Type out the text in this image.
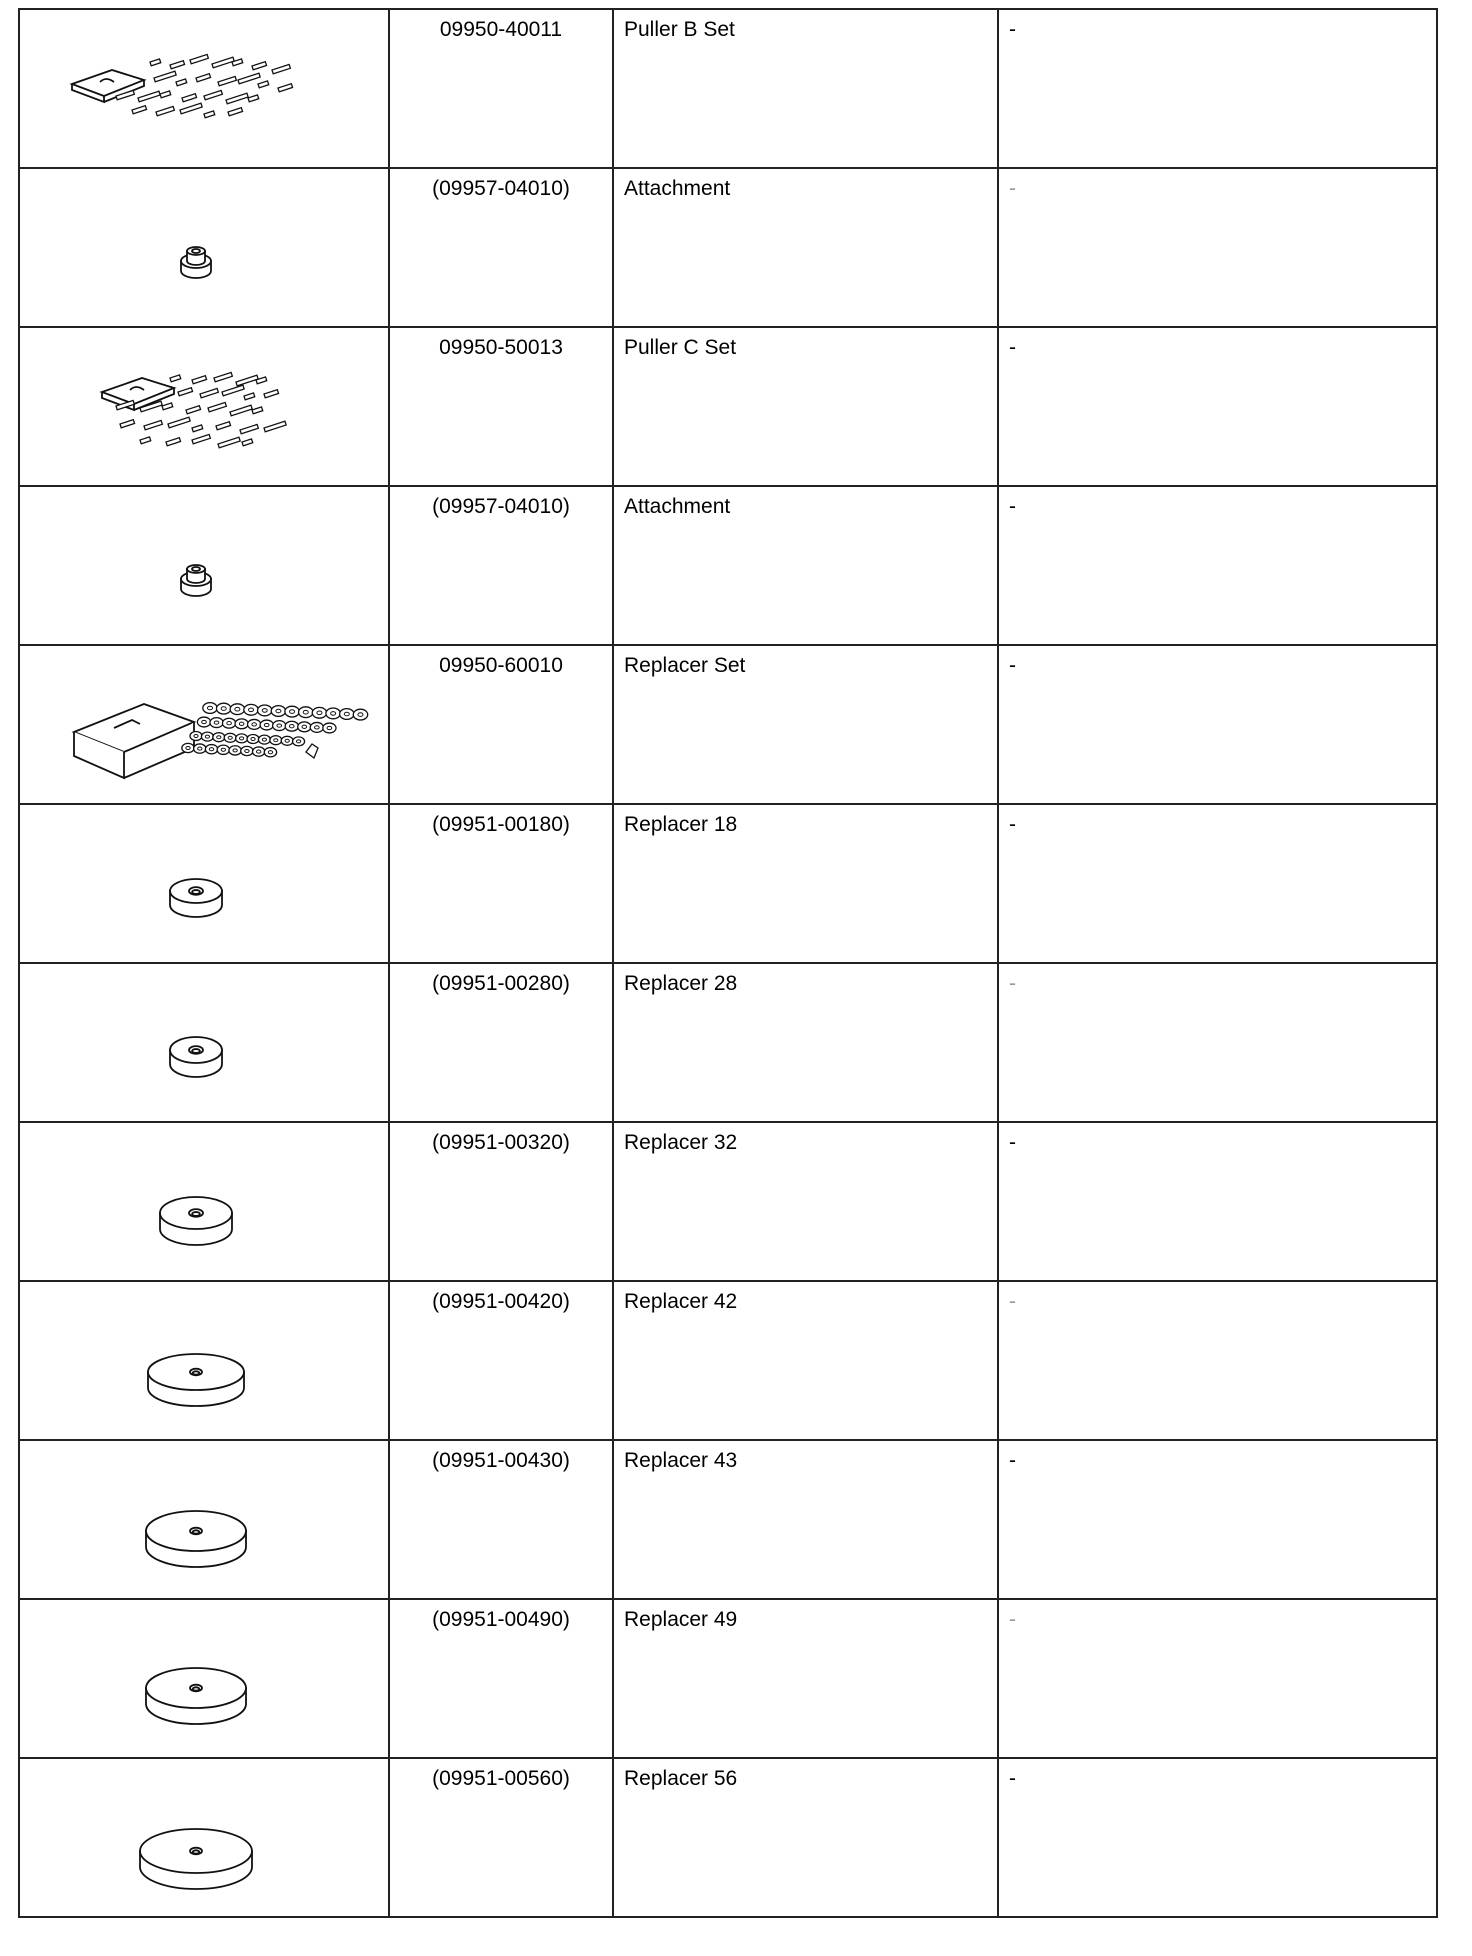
09950-40011	Puller B Set	-

(09957-04010)	Attachment	-

09950-50013	Puller C Set	-

(09957-04010)	Attachment	-

09950-60010	Replacer Set	-

(09951-00180)	Replacer 18	-

(09951-00280)	Replacer 28	-

(09951-00320)	Replacer 32	-

(09951-00420)	Replacer 42	-

(09951-00430)	Replacer 43	-

(09951-00490)	Replacer 49	-

(09951-00560)	Replacer 56	-
